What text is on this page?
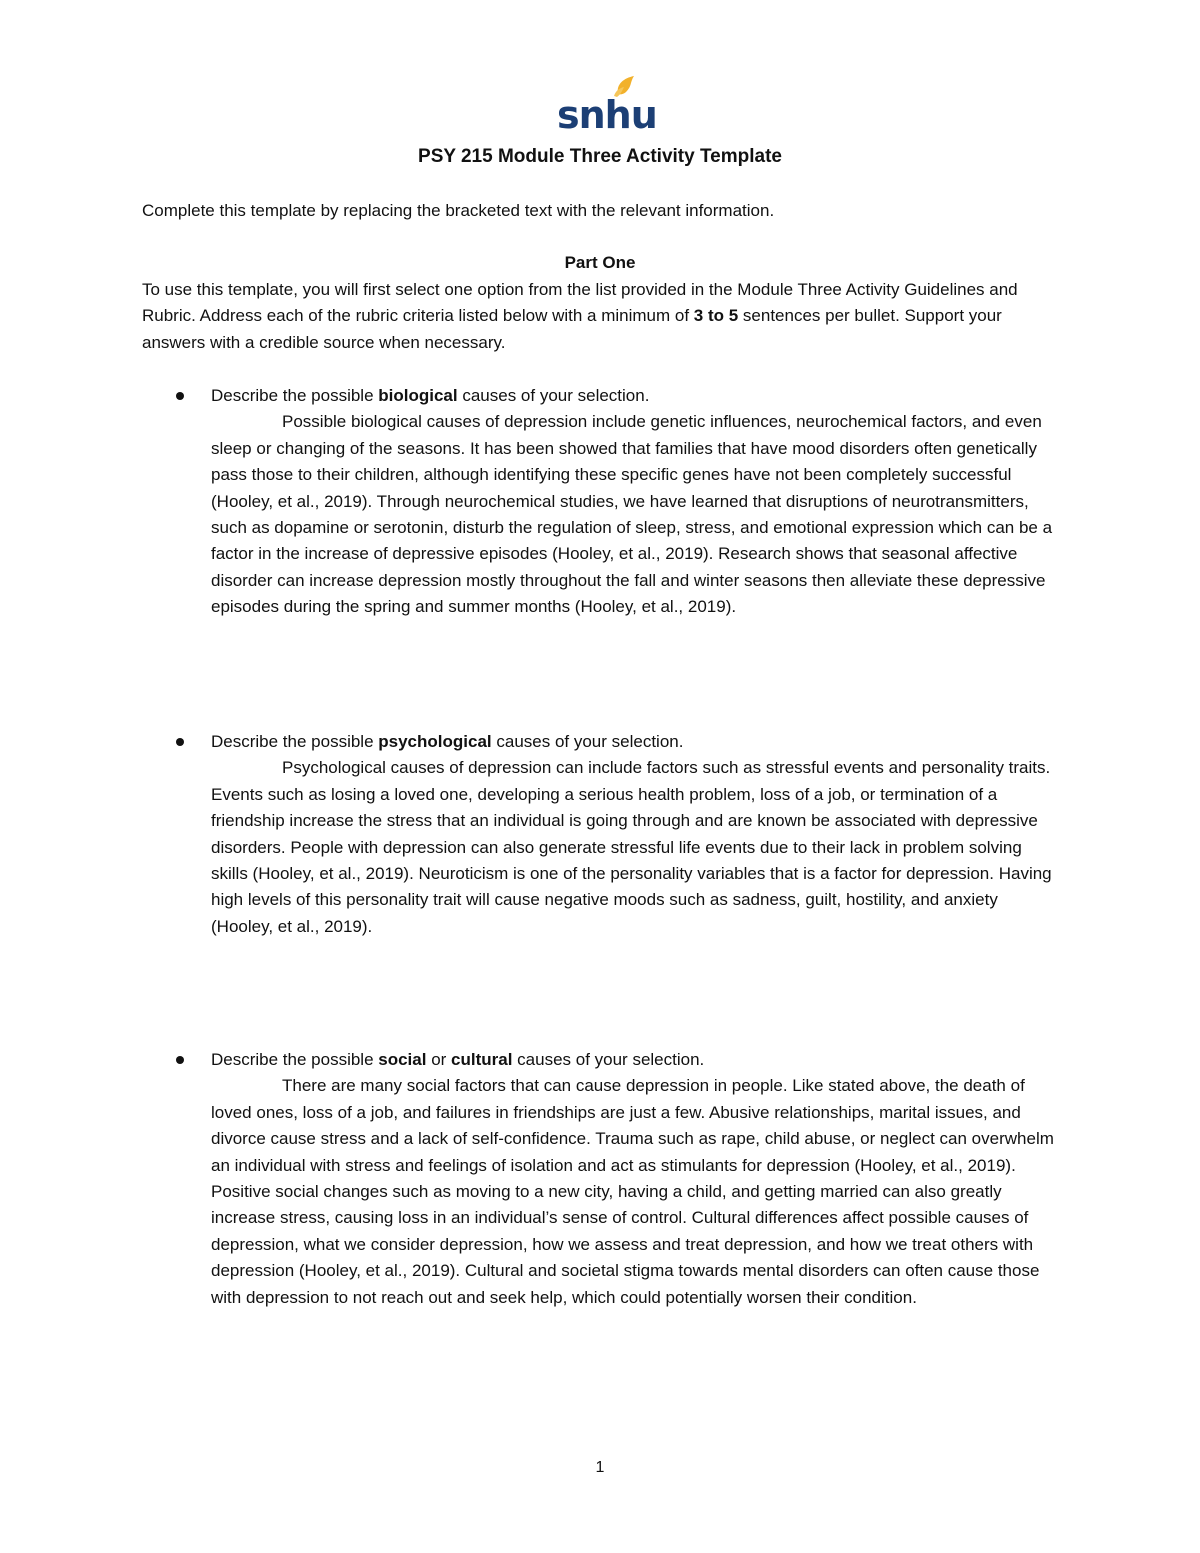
snhu
PSY 215 Module Three Activity Template
Complete this template by replacing the bracketed text with the relevant information.
Part One
To use this template, you will first select one option from the list provided in the Module Three Activity Guidelines and Rubric. Address each of the rubric criteria listed below with a minimum of 3 to 5 sentences per bullet. Support your answers with a credible source when necessary.
Describe the possible biological causes of your selection.
Possible biological causes of depression include genetic influences, neurochemical factors, and even sleep or changing of the seasons. It has been showed that families that have mood disorders often genetically pass those to their children, although identifying these specific genes have not been completely successful (Hooley, et al., 2019). Through neurochemical studies, we have learned that disruptions of neurotransmitters, such as dopamine or serotonin, disturb the regulation of sleep, stress, and emotional expression which can be a factor in the increase of depressive episodes (Hooley, et al., 2019). Research shows that seasonal affective disorder can increase depression mostly throughout the fall and winter seasons then alleviate these depressive episodes during the spring and summer months (Hooley, et al., 2019).
Describe the possible psychological causes of your selection.
Psychological causes of depression can include factors such as stressful events and personality traits. Events such as losing a loved one, developing a serious health problem, loss of a job, or termination of a friendship increase the stress that an individual is going through and are known be associated with depressive disorders. People with depression can also generate stressful life events due to their lack in problem solving skills (Hooley, et al., 2019). Neuroticism is one of the personality variables that is a factor for depression. Having high levels of this personality trait will cause negative moods such as sadness, guilt, hostility, and anxiety (Hooley, et al., 2019).
Describe the possible social or cultural causes of your selection.
There are many social factors that can cause depression in people. Like stated above, the death of loved ones, loss of a job, and failures in friendships are just a few. Abusive relationships, marital issues, and divorce cause stress and a lack of self-confidence. Trauma such as rape, child abuse, or neglect can overwhelm an individual with stress and feelings of isolation and act as stimulants for depression (Hooley, et al., 2019). Positive social changes such as moving to a new city, having a child, and getting married can also greatly increase stress, causing loss in an individual’s sense of control. Cultural differences affect possible causes of depression, what we consider depression, how we assess and treat depression, and how we treat others with depression (Hooley, et al., 2019). Cultural and societal stigma towards mental disorders can often cause those with depression to not reach out and seek help, which could potentially worsen their condition.
1
